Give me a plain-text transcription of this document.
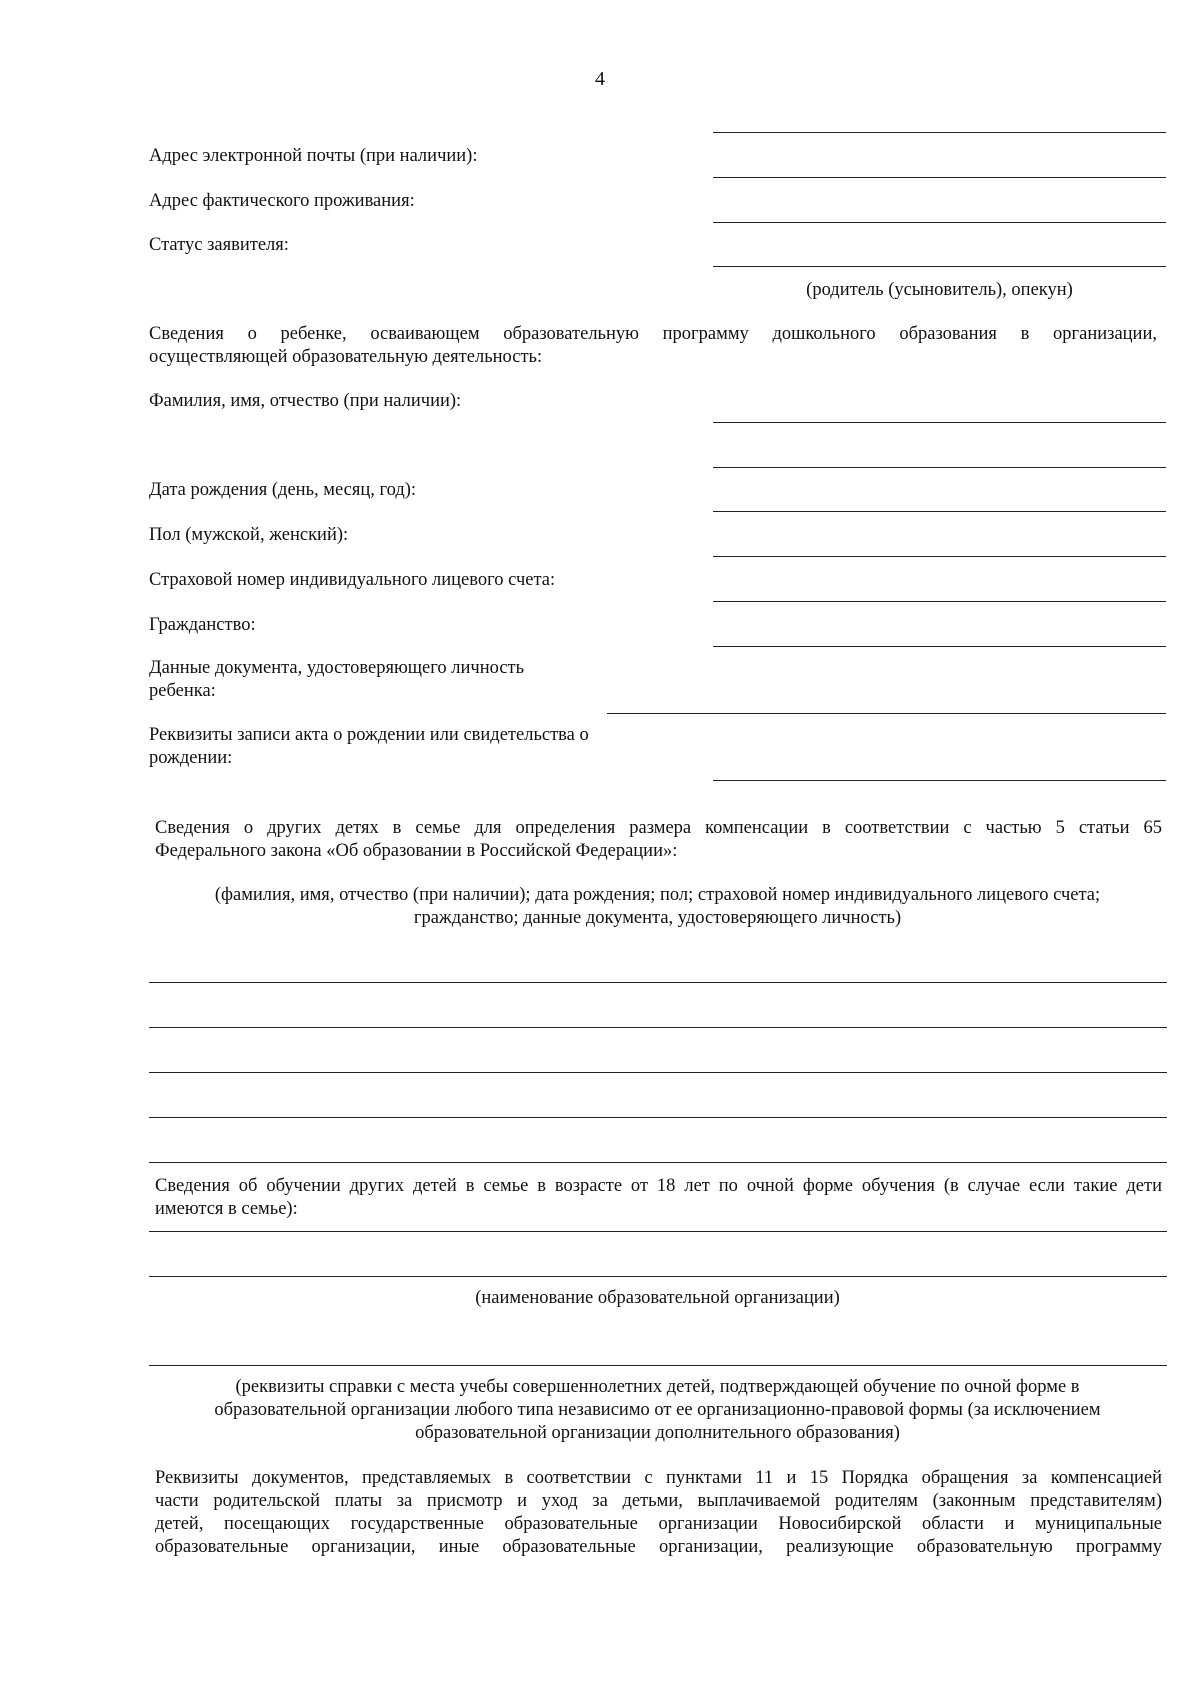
4
Адрес электронной почты (при наличии):
Адрес фактического проживания:
Статус заявителя:
(родитель (усыновитель), опекун)
Сведения о ребенке, осваивающем образовательную программу дошкольного образования в организации,
осуществляющей образовательную деятельность:
Фамилия, имя, отчество (при наличии):
Дата рождения (день, месяц, год):
Пол (мужской, женский):
Страховой номер индивидуального лицевого счета:
Гражданство:
Данные документа, удостоверяющего личность
ребенка:
Реквизиты записи акта о рождении или свидетельства о
рождении:
Сведения о других детях в семье для определения размера компенсации в соответствии с частью 5 статьи 65
Федерального закона «Об образовании в Российской Федерации»:
(фамилия, имя, отчество (при наличии); дата рождения; пол; страховой номер индивидуального лицевого счета;
гражданство; данные документа, удостоверяющего личность)
Сведения об обучении других детей в семье в возрасте от 18 лет по очной форме обучения (в случае если такие дети
имеются в семье):
(наименование образовательной организации)
(реквизиты справки с места учебы совершеннолетних детей, подтверждающей обучение по очной форме в
образовательной организации любого типа независимо от ее организационно-правовой формы (за исключением
образовательной организации дополнительного образования)
Реквизиты документов, представляемых в соответствии с пунктами 11 и 15 Порядка обращения за компенсацией
части родительской платы за присмотр и уход за детьми, выплачиваемой родителям (законным представителям)
детей, посещающих государственные образовательные организации Новосибирской области и муниципальные
образовательные организации, иные образовательные организации, реализующие образовательную программу
